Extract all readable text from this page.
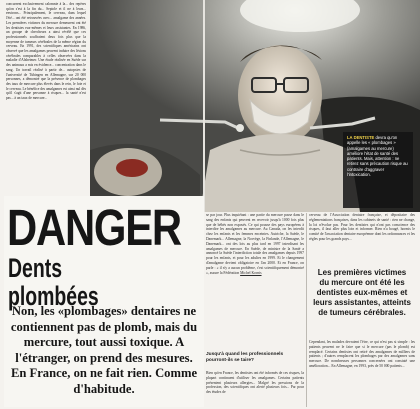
concurrent exclusivement calomnie à la... des repères qu'on s'est à la fin du... Sepiole et il ne à leurs... environs... Principalement, le cerveau, dans lequel l'été... ont été retrouvées avec... amalgame des années. Les premières victimes du mercure demeurent ont été les dentistes eux-mêmes et leurs assistantes. En 1986, un groupe de chercheurs a ainsi révélé que ces professionnels souffraient deux fois plus que la moyenne de tumeurs cérébrales de la même région du cerveau. En 1991, des scientifiques américains ont observé que les amalgames peuvent induire des lésions cérébrales comparables à celles observées dans la maladie d'Alzheimer. Une étude réalisée en Suède sur des animaux a mis en évidence... concentration dans le sang. Un travail réalisé à partir de... autopsies de l'université de Tübingen en Allemagne, sur 20 000 personnes, a démontré que la présence de plombages des taux de mercure plus élevés dans le rein, le foie et le cerveau. Le bénéfice des amalgames est ainsi nul dès qu'il s'agit d'une personne à risques... la santé n'est pas... à un taux de mercure...
LA DENTISTE devra qu'on appelle les « plombages » (amalgames au mercure) améliore l'état de santé des patients. Mais, attention : ne retirez sans précaution risque au contraire d'aggraver l'intoxication.
DANGER
Dents plombées
Non, les «plombages» dentaires ne contiennent pas de plomb, mais du mercure, tout aussi toxique. A l'étranger, on prend des mesures. En France, on ne fait rien. Comme d'habitude.
se par jour. Plus inquiétant : une partie du mercure passe dans le sang des enfants qui peuvent en recevoir jusqu'à 1000 fois plus que de bébés non exposés. Ce qui pousse des pays européens à interdire les amalgames au mercure. Au Canada, on les interdit chez les enfants et les femmes enceintes. Autriche, la Suède, le Danemark... Allemagne, la Norvège, la Finlande, l'Allemagne, le Danemark... ont des lois au plus tard en 1997 interdisant les amalgames de mercure. En Suède, de ministre de la Santé a annoncé la Suède l'interdiction totale des amalgames depuis 1997 pour les enfants, et pour les adultes en 1999. Et le changement d'amalgame devient obligatoire en l'an 2000. Et en France, on parle : « il n'y a aucun problème, c'est scientifiquement démontré », assure la Fédération Michel Kornis
Jusqu'à quand les professionnels pourront-ils se taire?
Bien qu'en France, les dentistes ont été informés de ces risques, la plupart continuent d'utiliser les amalgames. Certains patients présentent plusieurs allergies... Malgré les pressions de la profession, des scientifiques ont alerté plusieurs fois... Par pour des études de
cerveau de l'Association dentaire française, et dépositaire des réglementations françaises, dans les cabinets de santé : rien ne change, la loi n'évolue pas. Pour les dentistes qui n'ont pas conscience des risques, il faut aller plus loin et informer. Rien n'a bougé, hormis le comité de l'association dentaire européenne dont les ordonnances et les règles pour les grands pays...
Les premières victimes du mercure ont été les dentistes eux-mêmes et leurs assistantes, atteints de tumeurs cérébrales.
Cependant, les malades devraient l'être, ce qui n'est pas si simple : les patients peuvent ne le faire que si le mercure (pas le plomb) est remplacé. Certains dentistes ont retiré des amalgames de milliers de patients ; d'autres remplacent les plombages par des amalgames sans mercure. De nombreuses personnes concernées ont constaté une amélioration... En Allemagne, en 1993, près de 50 000 patients...
